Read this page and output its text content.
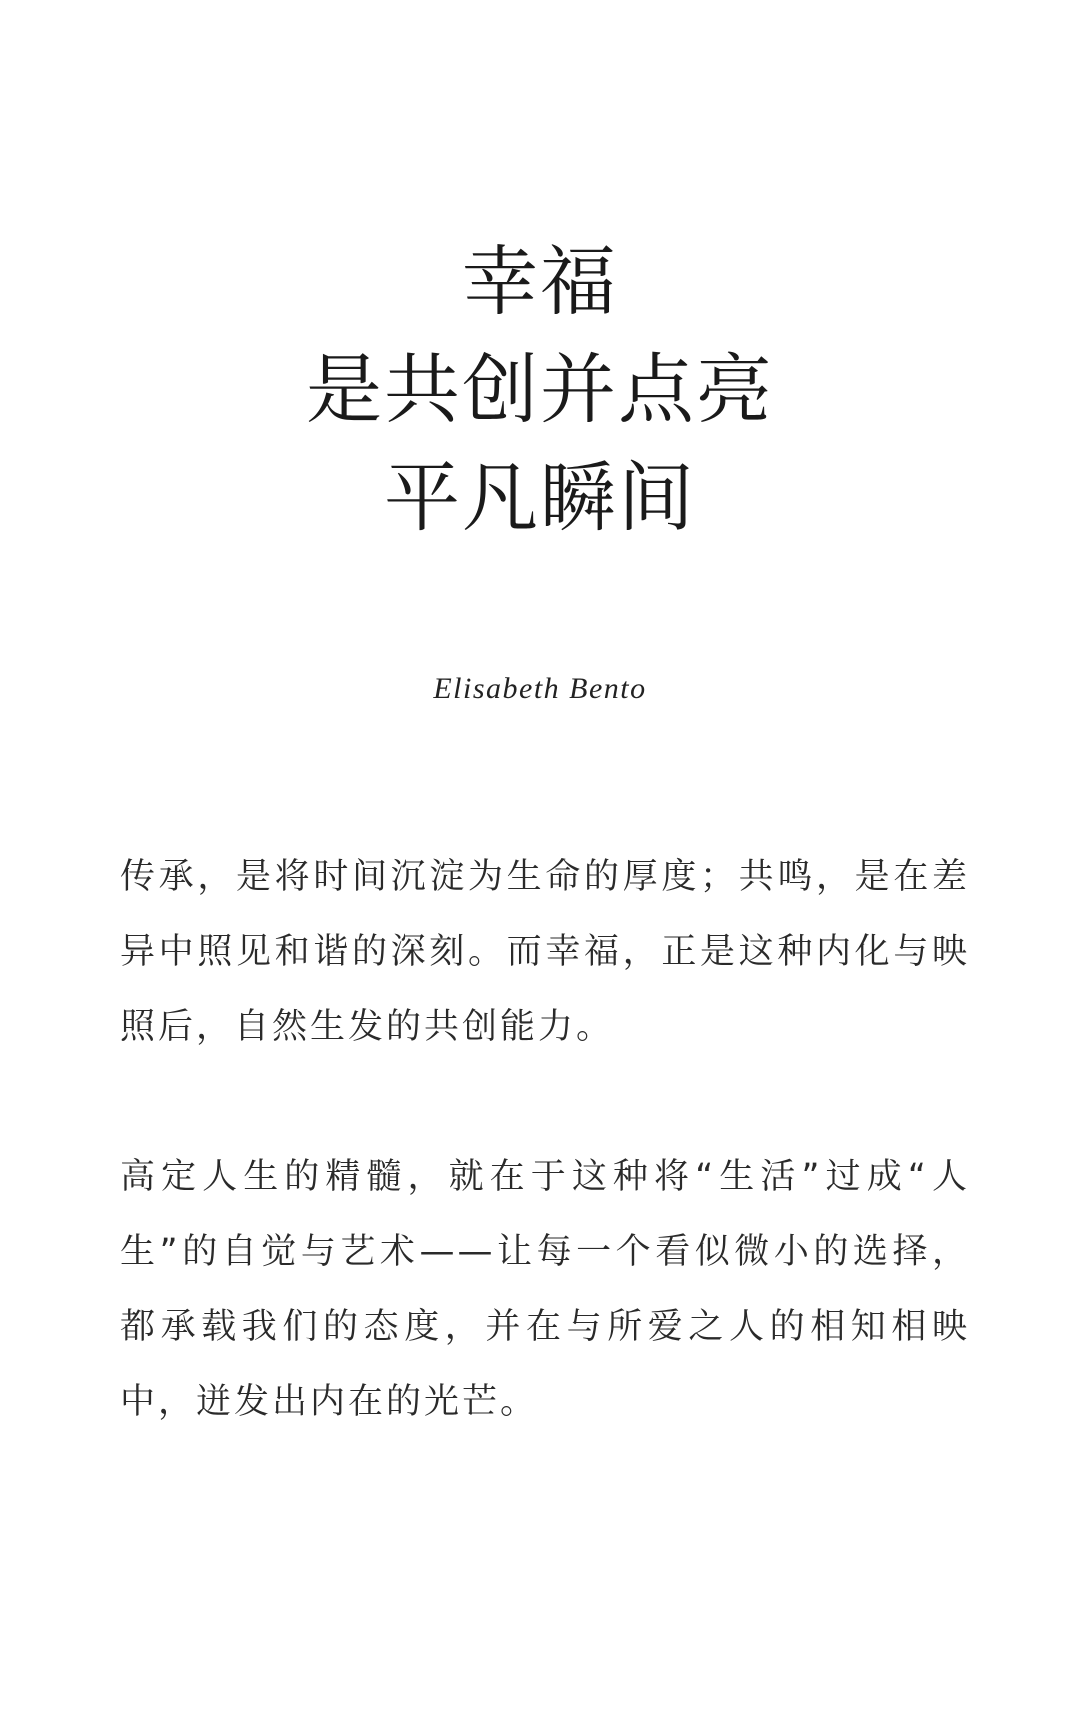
幸福
是共创并点亮
平凡瞬间
Elisabeth Bento

传承，是将时间沉淀为生命的厚度；共鸣，是在差异中照见和谐的深刻。而幸福，正是这种内化与映照后，自然生发的共创能力。

高定人生的精髓，就在于这种将“生活”过成“人生”的自觉与艺术——让每一个看似微小的选择，都承载我们的态度，并在与所爱之人的相知相映中，迸发出内在的光芒。
